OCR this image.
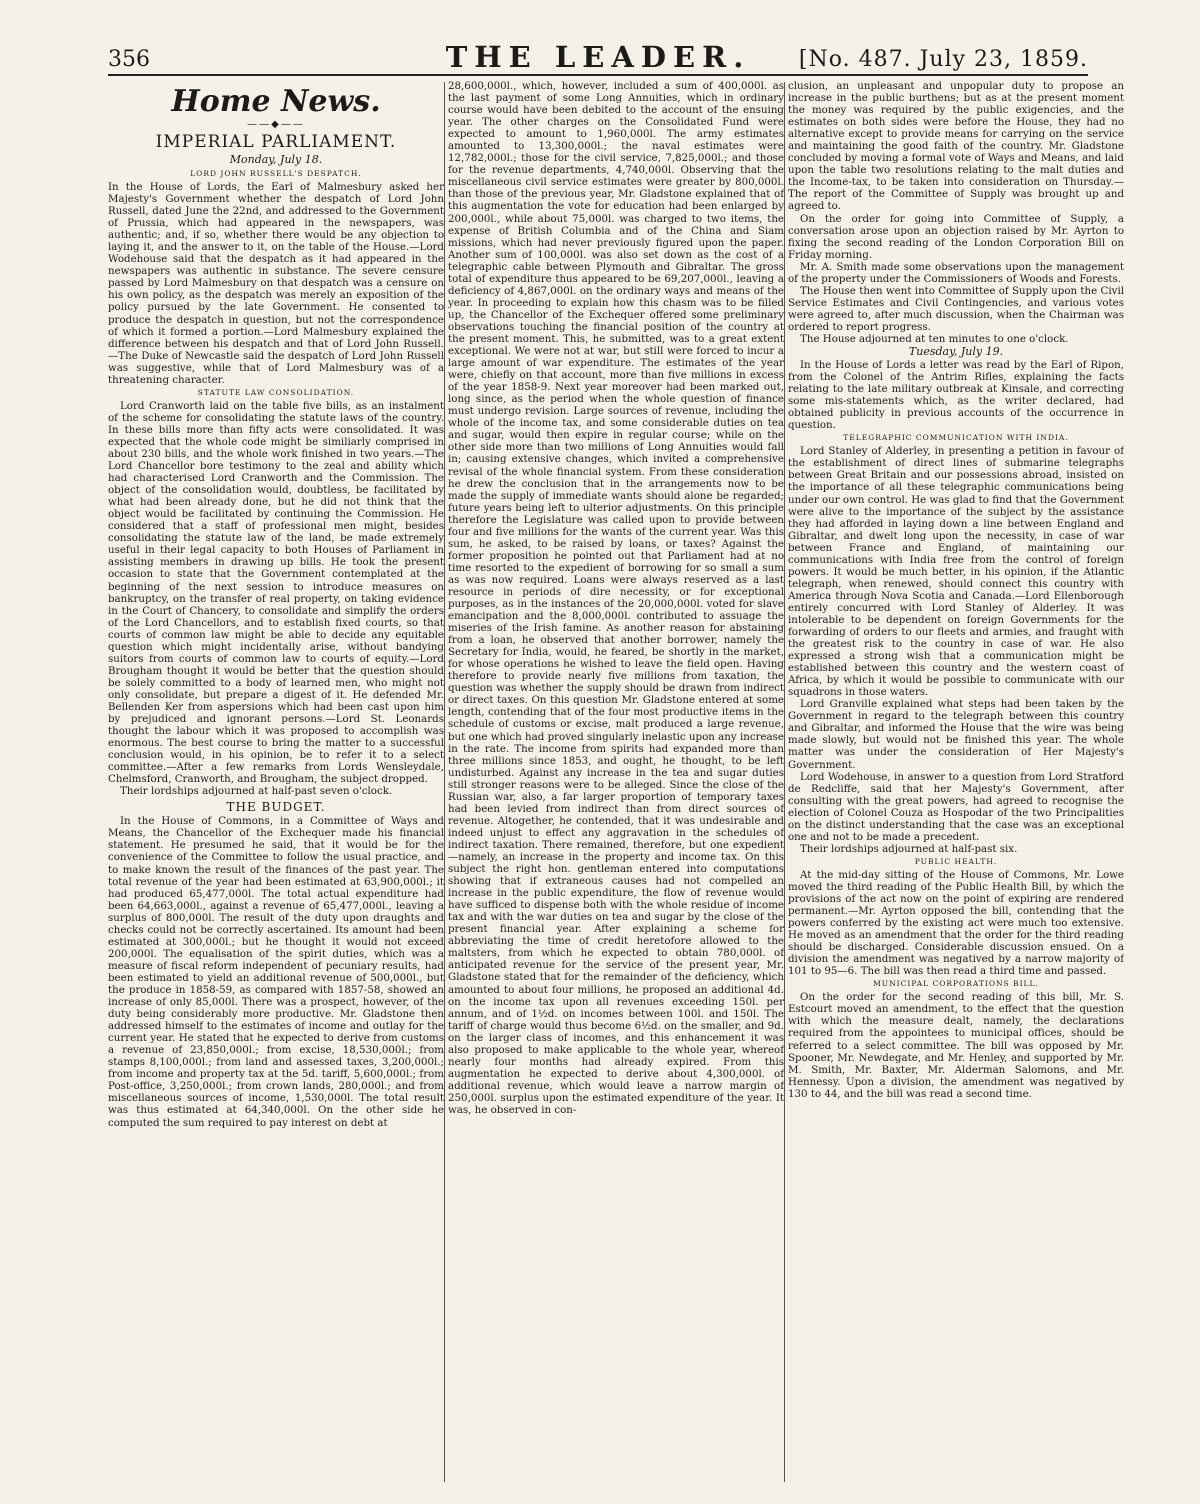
356	THE LEADER.	[No. 487. July 23, 1859.
Home News.
——◆——
IMPERIAL PARLIAMENT.
Monday, July 18.
LORD JOHN RUSSELL'S DESPATCH.

In the House of Lords, the Earl of Malmesbury asked her Majesty's Government whether the despatch of Lord John Russell, dated June the 22nd, and addressed to the Government of Prussia, which had appeared in the newspapers, was authentic; and, if so, whether there would be any objection to laying it, and the answer to it, on the table of the House.—Lord Wodehouse said that the despatch as it had appeared in the newspapers was authentic in substance. The severe censure passed by Lord Malmesbury on that despatch was a censure on his own policy, as the despatch was merely an exposition of the policy pursued by the late Government. He consented to produce the despatch in question, but not the correspondence of which it formed a portion.—Lord Malmesbury explained the difference between his despatch and that of Lord John Russell.—The Duke of Newcastle said the despatch of Lord John Russell was suggestive, while that of Lord Malmesbury was of a threatening character.

STATUTE LAW CONSOLIDATION.

Lord Cranworth laid on the table five bills, as an instalment of the scheme for consolidating the statute laws of the country. In these bills more than fifty acts were consolidated. It was expected that the whole code might be similiarly comprised in about 230 bills, and the whole work finished in two years.—The Lord Chancellor bore testimony to the zeal and ability which had characterised Lord Cranworth and the Commission. The object of the consolidation would, doubtless, be facilitated by what had been already done, but he did not think that the object would be facilitated by continuing the Commission. He considered that a staff of professional men might, besides consolidating the statute law of the land, be made extremely useful in their legal capacity to both Houses of Parliament in assisting members in drawing up bills. He took the present occasion to state that the Government contemplated at the beginning of the next session to introduce measures on bankruptcy, on the transfer of real property, on taking evidence in the Court of Chancery, to consolidate and simplify the orders of the Lord Chancellors, and to establish fixed courts, so that courts of common law might be able to decide any equitable question which might incidentally arise, without bandying suitors from courts of common law to courts of equity.—Lord Brougham thought it would be better that the question should be solely committed to a body of learned men, who might not only consolidate, but prepare a digest of it. He defended Mr. Bellenden Ker from aspersions which had been cast upon him by prejudiced and ignorant persons.—Lord St. Leonards thought the labour which it was proposed to accomplish was enormous. The best course to bring the matter to a successful conclusion would, in his opinion, be to refer it to a select committee.—After a few remarks from Lords Wensleydale, Chelmsford, Cranworth, and Brougham, the subject dropped.

Their lordships adjourned at half-past seven o'clock.

THE BUDGET.

In the House of Commons, in a Committee of Ways and Means, the Chancellor of the Exchequer made his financial statement. He presumed he said, that it would be for the convenience of the Committee to follow the usual practice, and to make known the result of the finances of the past year. The total revenue of the year had been estimated at 63,900,000l.; it had produced 65,477,000l. The total actual expenditure had been 64,663,000l., against a revenue of 65,477,000l., leaving a surplus of 800,000l. The result of the duty upon draughts and checks could not be correctly ascertained. Its amount had been estimated at 300,000l.; but he thought it would not exceed 200,000l. The equalisation of the spirit duties, which was a measure of fiscal reform independent of pecuniary results, had been estimated to yield an additional revenue of 500,000l., but the produce in 1858-59, as compared with 1857-58, showed an increase of only 85,000l. There was a prospect, however, of the duty being considerably more productive. Mr. Gladstone then addressed himself to the estimates of income and outlay for the current year. He stated that he expected to derive from customs a revenue of 23,850,000l.; from excise, 18,530,000l.; from stamps 8,100,000l.; from land and assessed taxes, 3,200,000l.; from income and property tax at the 5d. tariff, 5,600,000l.; from Post-office, 3,250,000l.; from crown lands, 280,000l.; and from miscellaneous sources of income, 1,530,000l. The total result was thus estimated at 64,340,000l. On the other side he computed the sum required to pay interest on debt at

28,600,000l., which, however, included a sum of 400,000l. as the last payment of some Long Annuities, which in ordinary course would have been debited to the account of the ensuing year. The other charges on the Consolidated Fund were expected to amount to 1,960,000l. The army estimates amounted to 13,300,000l.; the naval estimates were 12,782,000l.; those for the civil service, 7,825,000l.; and those for the revenue departments, 4,740,000l. Observing that the miscellaneous civil service estimates were greater by 800,000l. than those of the previous year, Mr. Gladstone explained that of this augmentation the vote for education had been enlarged by 200,000l., while about 75,000l. was charged to two items, the expense of British Columbia and of the China and Siam missions, which had never previously figured upon the paper. Another sum of 100,000l. was also set down as the cost of a telegraphic cable between Plymouth and Gibraltar. The gross total of expenditure thus appeared to be 69,207,000l., leaving a deficiency of 4,867,000l. on the ordinary ways and means of the year. In proceeding to explain how this chasm was to be filled up, the Chancellor of the Exchequer offered some preliminary observations touching the financial position of the country at the present moment. This, he submitted, was to a great extent exceptional. We were not at war, but still were forced to incur a large amount of war expenditure. The estimates of the year were, chiefly on that account, more than five millions in excess of the year 1858-9. Next year moreover had been marked out, long since, as the period when the whole question of finance must undergo revision. Large sources of revenue, including the whole of the income tax, and some considerable duties on tea and sugar, would then expire in regular course; while on the other side more than two millions of Long Annuities would fall in; causing extensive changes, which invited a comprehensive revisal of the whole financial system. From these consideration he drew the conclusion that in the arrangements now to be made the supply of immediate wants should alone be regarded; future years being left to ulterior adjustments. On this principle therefore the Legislature was called upon to provide between four and five millions for the wants of the current year. Was this sum, he asked, to be raised by loans, or taxes? Against the former proposition he pointed out that Parliament had at no time resorted to the expedient of borrowing for so small a sum as was now required. Loans were always reserved as a last resource in periods of dire necessity, or for exceptional purposes, as in the instances of the 20,000,000l. voted for slave emancipation and the 8,000,000l. contributed to assuage the miseries of the Irish famine. As another reason for abstaining from a loan, he observed that another borrower, namely the Secretary for India, would, he feared, be shortly in the market, for whose operations he wished to leave the field open. Having therefore to provide nearly five millions from taxation, the question was whether the supply should be drawn from indirect or direct taxes. On this question Mr. Gladstone entered at some length, contending that of the four most productive items in the schedule of customs or excise, malt produced a large revenue, but one which had proved singularly inelastic upon any increase in the rate. The income from spirits had expanded more than three millions since 1853, and ought, he thought, to be left undisturbed. Against any increase in the tea and sugar duties still stronger reasons were to be alleged. Since the close of the Russian war, also, a far larger proportion of temporary taxes had been levied from indirect than from direct sources of revenue. Altogether, he contended, that it was undesirable and indeed unjust to effect any aggravation in the schedules of indirect taxation. There remained, therefore, but one expedient—namely, an increase in the property and income tax. On this subject the right hon. gentleman entered into computations showing that if extraneous causes had not compelled an increase in the public expenditure, the flow of revenue would have sufficed to dispense both with the whole residue of income tax and with the war duties on tea and sugar by the close of the present financial year. After explaining a scheme for abbreviating the time of credit heretofore allowed to the maltsters, from which he expected to obtain 780,000l. of anticipated revenue for the service of the present year, Mr. Gladstone stated that for the remainder of the deficiency, which amounted to about four millions, he proposed an additional 4d. on the income tax upon all revenues exceeding 150l. per annum, and of 1½d. on incomes between 100l. and 150l. The tariff of charge would thus become 6½d. on the smaller, and 9d. on the larger class of incomes, and this enhancement it was also proposed to make applicable to the whole year, whereof nearly four months had already expired. From this augmentation he expected to derive about 4,300,000l. of additional revenue, which would leave a narrow margin of 250,000l. surplus upon the estimated expenditure of the year. It was, he observed in con-

clusion, an unpleasant and unpopular duty to propose an increase in the public burthens; but as at the present moment the money was required by the public exigencies, and the estimates on both sides were before the House, they had no alternative except to provide means for carrying on the service and maintaining the good faith of the country. Mr. Gladstone concluded by moving a formal vote of Ways and Means, and laid upon the table two resolutions relating to the malt duties and the Income-tax, to be taken into consideration on Thursday.—The report of the Committee of Supply was brought up and agreed to.

On the order for going into Committee of Supply, a conversation arose upon an objection raised by Mr. Ayrton to fixing the second reading of the London Corporation Bill on Friday morning.

Mr. A. Smith made some observations upon the management of the property under the Commissioners of Woods and Forests.

The House then went into Committee of Supply upon the Civil Service Estimates and Civil Contingencies, and various votes were agreed to, after much discussion, when the Chairman was ordered to report progress.

The House adjourned at ten minutes to one o'clock.

Tuesday, July 19.

In the House of Lords a letter was read by the Earl of Ripon, from the Colonel of the Antrim Rifles, explaining the facts relating to the late military outbreak at Kinsale, and correcting some mis-statements which, as the writer declared, had obtained publicity in previous accounts of the occurrence in question.

TELEGRAPHIC COMMUNICATION WITH INDIA.

Lord Stanley of Alderley, in presenting a petition in favour of the establishment of direct lines of submarine telegraphs between Great Britain and our possessions abroad, insisted on the importance of all these telegraphic communications being under our own control. He was glad to find that the Government were alive to the importance of the subject by the assistance they had afforded in laying down a line between England and Gibraltar, and dwelt long upon the necessity, in case of war between France and England, of maintaining our communications with India free from the control of foreign powers. It would be much better, in his opinion, if the Atlantic telegraph, when renewed, should connect this country with America through Nova Scotia and Canada.—Lord Ellenborough entirely concurred with Lord Stanley of Alderley. It was intolerable to be dependent on foreign Governments for the forwarding of orders to our fleets and armies, and fraught with the greatest risk to the country in case of war. He also expressed a strong wish that a communication might be established between this country and the western coast of Africa, by which it would be possible to communicate with our squadrons in those waters.

Lord Granville explained what steps had been taken by the Government in regard to the telegraph between this country and Gibraltar, and informed the House that the wire was being made slowly, but would not be finished this year. The whole matter was under the consideration of Her Majesty's Government.

Lord Wodehouse, in answer to a question from Lord Stratford de Redcliffe, said that her Majesty's Government, after consulting with the great powers, had agreed to recognise the election of Colonel Couza as Hospodar of the two Principalities on the distinct understanding that the case was an exceptional one and not to be made a precedent.

Their lordships adjourned at half-past six.

PUBLIC HEALTH.

At the mid-day sitting of the House of Commons, Mr. Lowe moved the third reading of the Public Health Bill, by which the provisions of the act now on the point of expiring are rendered permanent.—Mr. Ayrton opposed the bill, contending that the powers conferred by the existing act were much too extensive. He moved as an amendment that the order for the third reading should be discharged. Considerable discussion ensued. On a division the amendment was negatived by a narrow majority of 101 to 95—6. The bill was then read a third time and passed.

MUNICIPAL CORPORATIONS BILL.

On the order for the second reading of this bill, Mr. S. Estcourt moved an amendment, to the effect that the question with which the measure dealt, namely, the declarations required from the appointees to municipal offices, should be referred to a select committee. The bill was opposed by Mr. Spooner, Mr. Newdegate, and Mr. Henley, and supported by Mr. M. Smith, Mr. Baxter, Mr. Alderman Salomons, and Mr. Hennessy. Upon a division, the amendment was negatived by 130 to 44, and the bill was read a second time.
